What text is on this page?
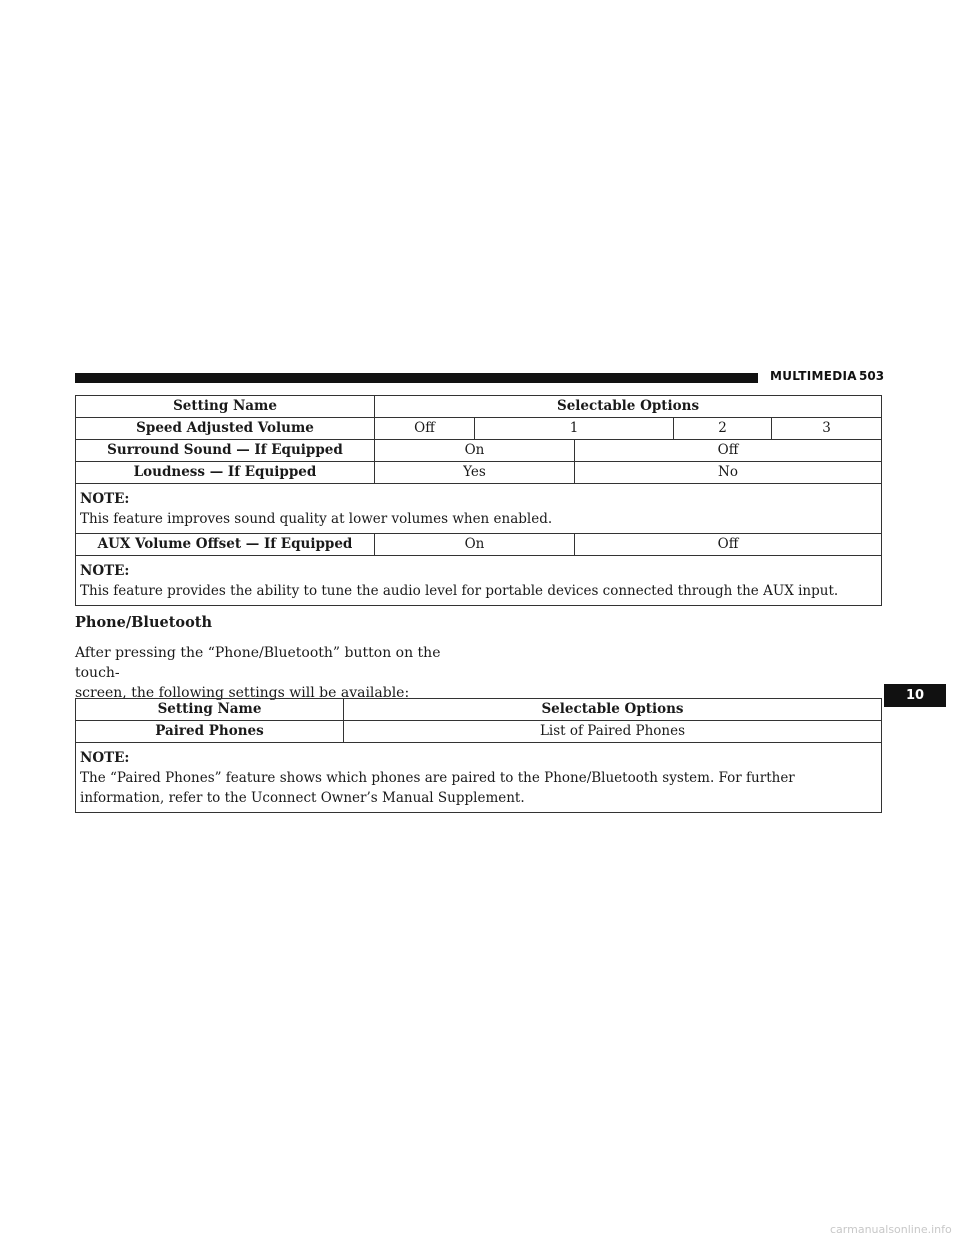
MULTIMEDIA 503
Setting Name	Selectable Options				
Speed Adjusted Volume	Off	1		2	3
Surround Sound — If Equipped	On		Off		
Loudness — If Equipped	Yes		No		

NOTE:
This feature improves sound quality at lower volumes when enabled.					
AUX Volume Offset — If Equipped	On		Off		

NOTE:
This feature provides the ability to tune the audio level for portable devices connected through the AUX input.					
Phone/Bluetooth
After pressing the “Phone/Bluetooth” button on the touch-
screen, the following settings will be available:
Setting Name	Selectable Options
Paired Phones	List of Paired Phones

NOTE:
The “Paired Phones” feature shows which phones are paired to the Phone/Bluetooth system. For further information, refer to the Uconnect Owner’s Manual Supplement.	
10
carmanualsonline.info
